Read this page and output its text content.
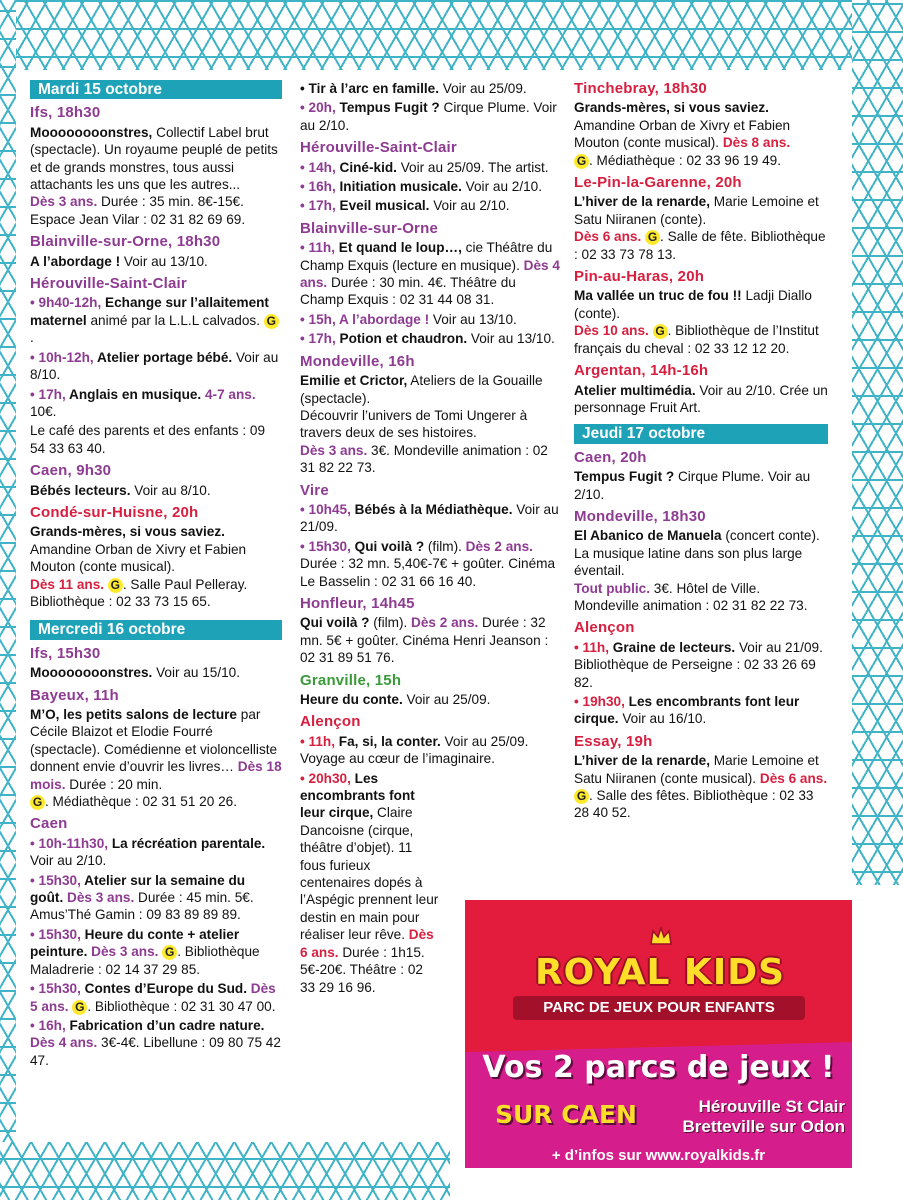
Mardi 15 octobre
Ifs, 18h30
Moooooooonstres, Collectif Label brut (spectacle). Un royaume peuplé de petits et de grands monstres, tous aussi attachants les uns que les autres...
Dès 3 ans. Durée : 35 min. 8€-15€. Espace Jean Vilar : 02 31 82 69 69.
Blainville-sur-Orne, 18h30
A l’abordage ! Voir au 13/10.
Hérouville-Saint-Clair
• 9h40-12h, Echange sur l’allaitement maternel animé par la L.L.L calvados. G.
• 10h-12h, Atelier portage bébé. Voir au 8/10.
• 17h, Anglais en musique. 4-7 ans. 10€.
Le café des parents et des enfants : 09 54 33 63 40.
Caen, 9h30
Bébés lecteurs. Voir au 8/10.
Condé-sur-Huisne, 20h
Grands-mères, si vous saviez. Amandine Orban de Xivry et Fabien Mouton (conte musical).
Dès 11 ans. G . Salle Paul Pelleray. Bibliothèque : 02 33 73 15 65.
Mercredi 16 octobre
Ifs, 15h30
Moooooooonstres. Voir au 15/10.
Bayeux, 11h
M’O, les petits salons de lecture par Cécile Blaizot et Elodie Fourré (spectacle). Comédienne et violoncelliste donnent envie d’ouvrir les livres… Dès 18 mois. Durée : 20 min.
G . Médiathèque : 02 31 51 20 26.
Caen
• 10h-11h30, La récréation parentale. Voir au 2/10.
• 15h30, Atelier sur la semaine du goût. Dès 3 ans. Durée : 45 min. 5€. Amus’Thé Gamin : 09 83 89 89 89.
• 15h30, Heure du conte + atelier peinture. Dès 3 ans. G . Bibliothèque Maladrerie : 02 14 37 29 85.
• 15h30, Contes d’Europe du Sud. Dès 5 ans. G . Bibliothèque : 02 31 30 47 00.
• 16h, Fabrication d’un cadre nature. Dès 4 ans. 3€-4€. Libellune : 09 80 75 42 47.
• Tir à l’arc en famille. Voir au 25/09.
• 20h, Tempus Fugit ? Cirque Plume. Voir au 2/10.
Hérouville-Saint-Clair
• 14h, Ciné-kid. Voir au 25/09. The artist.
• 16h, Initiation musicale. Voir au 2/10.
• 17h, Eveil musical. Voir au 2/10.
Blainville-sur-Orne
• 11h, Et quand le loup…, cie Théâtre du Champ Exquis (lecture en musique). Dès 4 ans. Durée : 30 min. 4€. Théâtre du Champ Exquis : 02 31 44 08 31.
• 15h, A l’abordage ! Voir au 13/10.
• 17h, Potion et chaudron. Voir au 13/10.
Mondeville, 16h
Emilie et Crictor, Ateliers de la Gouaille (spectacle).
Découvrir l’univers de Tomi Ungerer à travers deux de ses histoires.
Dès 3 ans. 3€. Mondeville animation : 02 31 82 22 73.
Vire
• 10h45, Bébés à la Médiathèque. Voir au 21/09.
• 15h30, Qui voilà ? (film). Dès 2 ans. Durée : 32 mn. 5,40€-7€ + goûter. Cinéma Le Basselin : 02 31 66 16 40.
Honfleur, 14h45
Qui voilà ? (film). Dès 2 ans. Durée : 32 mn. 5€ + goûter. Cinéma Henri Jeanson : 02 31 89 51 76.
Granville, 15h
Heure du conte. Voir au 25/09.
Alençon
• 11h, Fa, si, la conter. Voir au 25/09. Voyage au cœur de l’imaginaire.
• 20h30, Les encombrants font leur cirque, Claire Dancoisne (cirque, théâtre d’objet). 11 fous furieux centenaires dopés à l’Aspégic prennent leur destin en main pour réaliser leur rêve. Dès 6 ans. Durée : 1h15. 5€-20€. Théâtre : 02 33 29 16 96.
Tinchebray, 18h30
Grands-mères, si vous saviez. Amandine Orban de Xivry et Fabien Mouton (conte musical). Dès 8 ans.
G . Médiathèque : 02 33 96 19 49.
Le-Pin-la-Garenne, 20h
L’hiver de la renarde, Marie Lemoine et Satu Niiranen (conte).
Dès 6 ans. G . Salle de fête. Bibliothèque : 02 33 73 78 13.
Pin-au-Haras, 20h
Ma vallée un truc de fou !! Ladji Diallo (conte).
Dès 10 ans. G . Bibliothèque de l’Institut français du cheval : 02 33 12 12 20.
Argentan, 14h-16h
Atelier multimédia. Voir au 2/10. Crée un personnage Fruit Art.
Jeudi 17 octobre
Caen, 20h
Tempus Fugit ? Cirque Plume. Voir au 2/10.
Mondeville, 18h30
El Abanico de Manuela (concert conte). La musique latine dans son plus large éventail.
Tout public. 3€. Hôtel de Ville. Mondeville animation : 02 31 82 22 73.
Alençon
• 11h, Graine de lecteurs. Voir au 21/09. Bibliothèque de Perseigne : 02 33 26 69 82.
• 19h30, Les encombrants font leur cirque. Voir au 16/10.
Essay, 19h
L’hiver de la renarde, Marie Lemoine et Satu Niiranen (conte musical). Dès 6 ans. G . Salle des fêtes. Bibliothèque : 02 33 28 40 52.
ROYAL KIDS
PARC DE JEUX POUR ENFANTS
Vos 2 parcs de jeux !
SUR CAEN	Hérouville St Clair
Bretteville sur Odon
+ d’infos sur www.royalkids.fr
